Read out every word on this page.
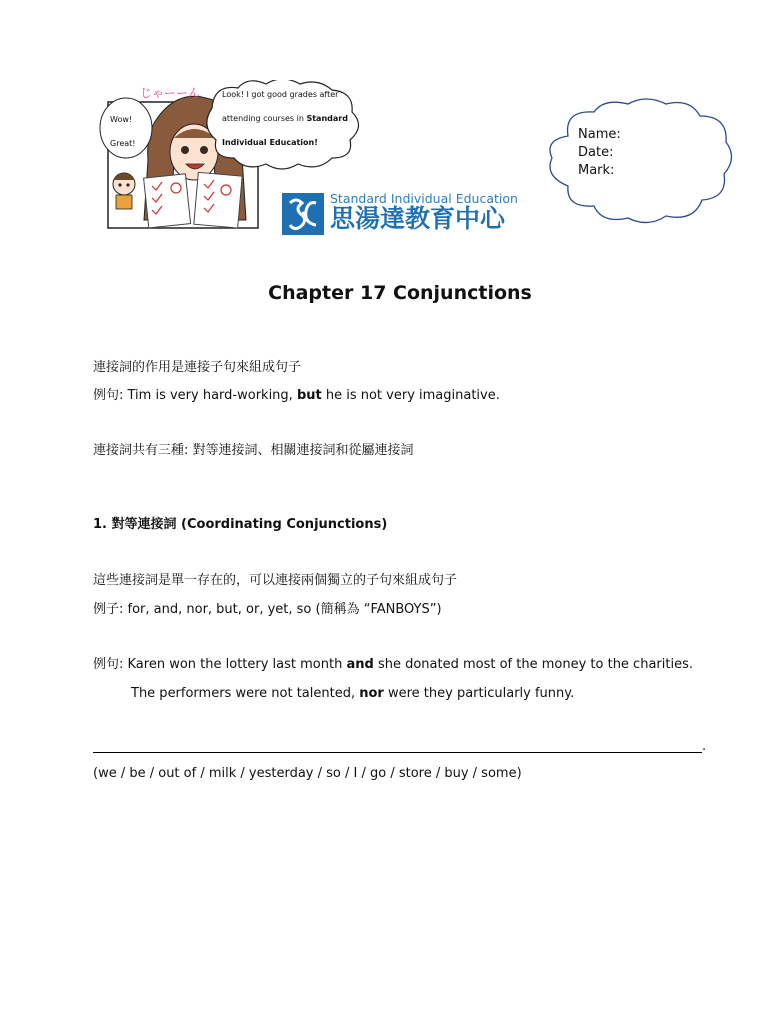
じゃーーん
Wow!
Great!
Look! I got good grades after
attending courses in Standard
Individual Education!
Standard Individual Education
思湯達教育中心
Name:
Date:
Mark:
Chapter 17 Conjunctions
連接詞的作用是連接子句來組成句子
例句: Tim is very hard-working, but he is not very imaginative.
連接詞共有三種: 對等連接詞、相關連接詞和從屬連接詞
1. 對等連接詞 (Coordinating Conjunctions)
這些連接詞是單一存在的，可以連接兩個獨立的子句來組成句子
例子: for, and, nor, but, or, yet, so (簡稱為 “FANBOYS”)
例句: Karen won the lottery last month and she donated most of the money to the charities.
The performers were not talented, nor were they particularly funny.
.
(we / be / out of / milk / yesterday / so / I / go / store / buy / some)
